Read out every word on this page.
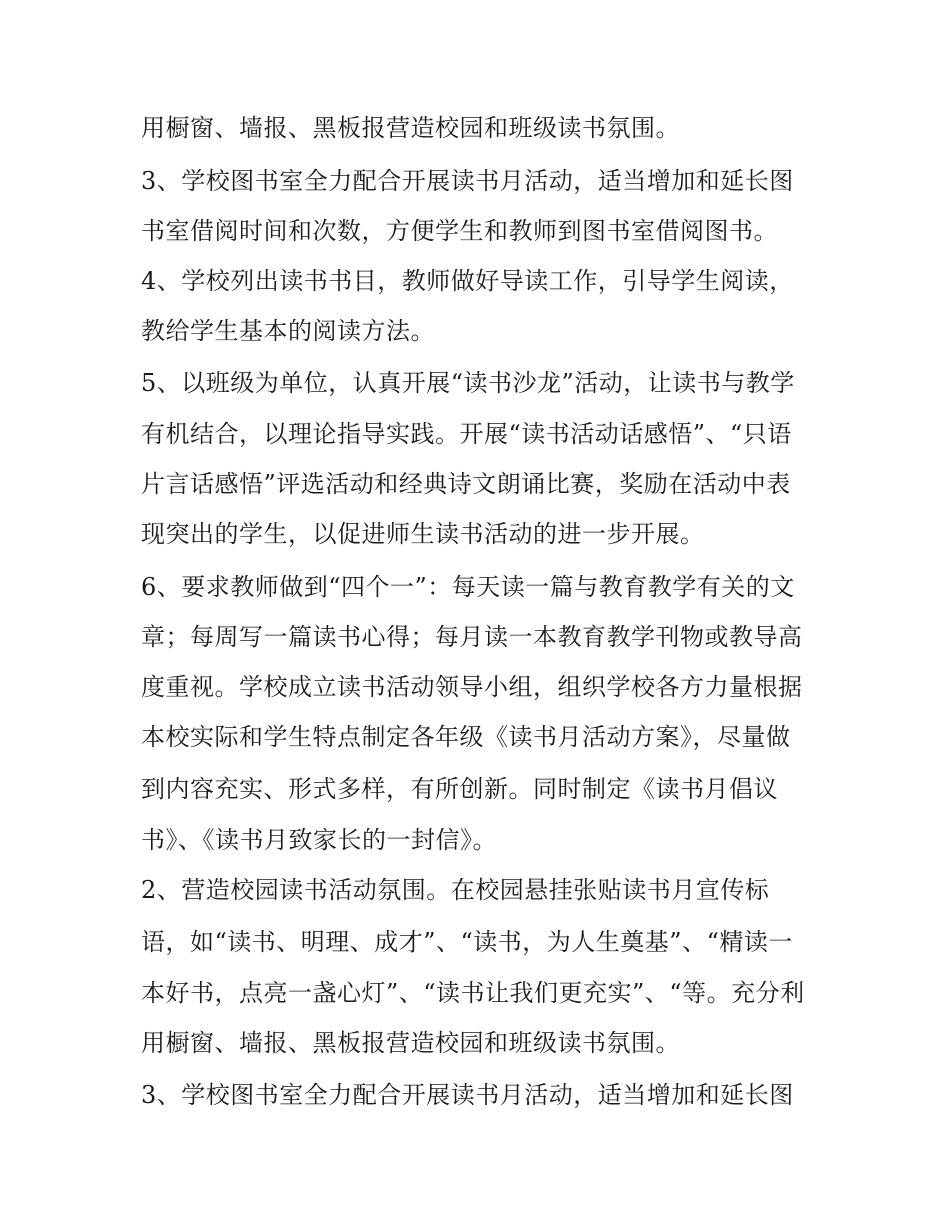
用橱窗、墙报、黑板报营造校园和班级读书氛围。

3、学校图书室全力配合开展读书月活动，适当增加和延长图

书室借阅时间和次数，方便学生和教师到图书室借阅图书。

4、学校列出读书书目，教师做好导读工作，引导学生阅读，

教给学生基本的阅读方法。

5、以班级为单位，认真开展“读书沙龙”活动，让读书与教学

有机结合，以理论指导实践。开展“读书活动话感悟”、“只语

片言话感悟”评选活动和经典诗文朗诵比赛，奖励在活动中表

现突出的学生，以促进师生读书活动的进一步开展。

6、要求教师做到“四个一”：每天读一篇与教育教学有关的文

章；每周写一篇读书心得；每月读一本教育教学刊物或教导高

度重视。学校成立读书活动领导小组，组织学校各方力量根据

本校实际和学生特点制定各年级《读书月活动方案》，尽量做

到内容充实、形式多样，有所创新。同时制定《读书月倡议

书》、《读书月致家长的一封信》。

2、营造校园读书活动氛围。在校园悬挂张贴读书月宣传标

语，如“读书、明理、成才”、“读书，为人生奠基”、“精读一

本好书，点亮一盏心灯”、“读书让我们更充实”、“等。充分利

用橱窗、墙报、黑板报营造校园和班级读书氛围。

3、学校图书室全力配合开展读书月活动，适当增加和延长图
